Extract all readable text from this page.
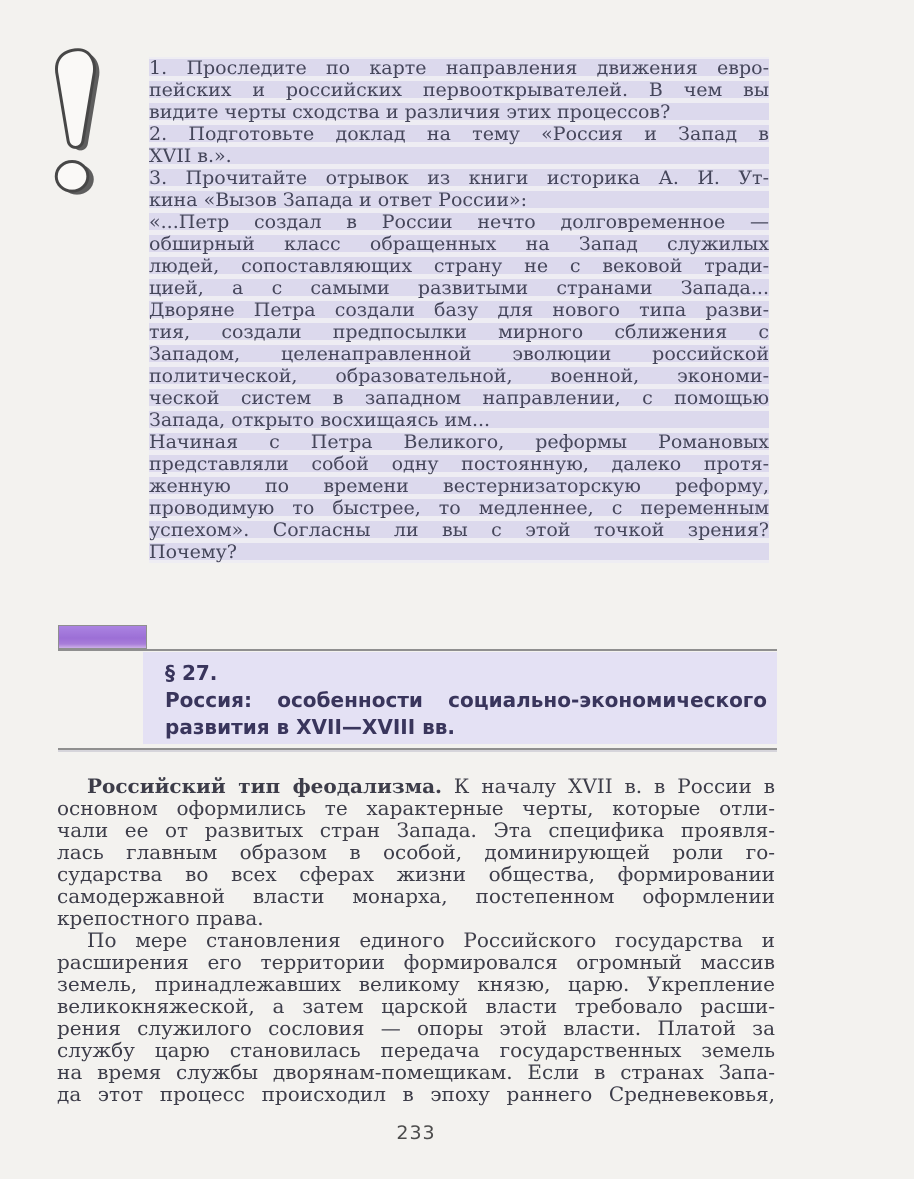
1. Проследите по карте направления движения евро-
пейских и российских первооткрывателей. В чем вы
видите черты сходства и различия этих процессов?
2. Подготовьте доклад на тему «Россия и Запад в
XVII в.».
3. Прочитайте отрывок из книги историка А. И. Ут-
кина «Вызов Запада и ответ России»:
«...Петр создал в России нечто долговременное —
обширный класс обращенных на Запад служилых
людей, сопоставляющих страну не с вековой тради-
цией, а с самыми развитыми странами Запада...
Дворяне Петра создали базу для нового типа разви-
тия, создали предпосылки мирного сближения с
Западом, целенаправленной эволюции российской
политической, образовательной, военной, экономи-
ческой систем в западном направлении, с помощью
Запада, открыто восхищаясь им...
Начиная с Петра Великого, реформы Романовых
представляли собой одну постоянную, далеко протя-
женную по времени вестернизаторскую реформу,
проводимую то быстрее, то медленнее, с переменным
успехом». Согласны ли вы с этой точкой зрения?
Почему?
§ 27.
Россия: особенности социально-экономического
развития в XVII—XVIII вв.
Российский тип феодализма. К началу XVII в. в России в
основном оформились те характерные черты, которые отли-
чали ее от развитых стран Запада. Эта специфика проявля-
лась главным образом в особой, доминирующей роли го-
сударства во всех сферах жизни общества, формировании
самодержавной власти монарха, постепенном оформлении
крепостного права.
По мере становления единого Российского государства и
расширения его территории формировался огромный массив
земель, принадлежавших великому князю, царю. Укрепление
великокняжеской, а затем царской власти требовало расши-
рения служилого сословия — опоры этой власти. Платой за
службу царю становилась передача государственных земель
на время службы дворянам-помещикам. Если в странах Запа-
да этот процесс происходил в эпоху раннего Средневековья,
233
